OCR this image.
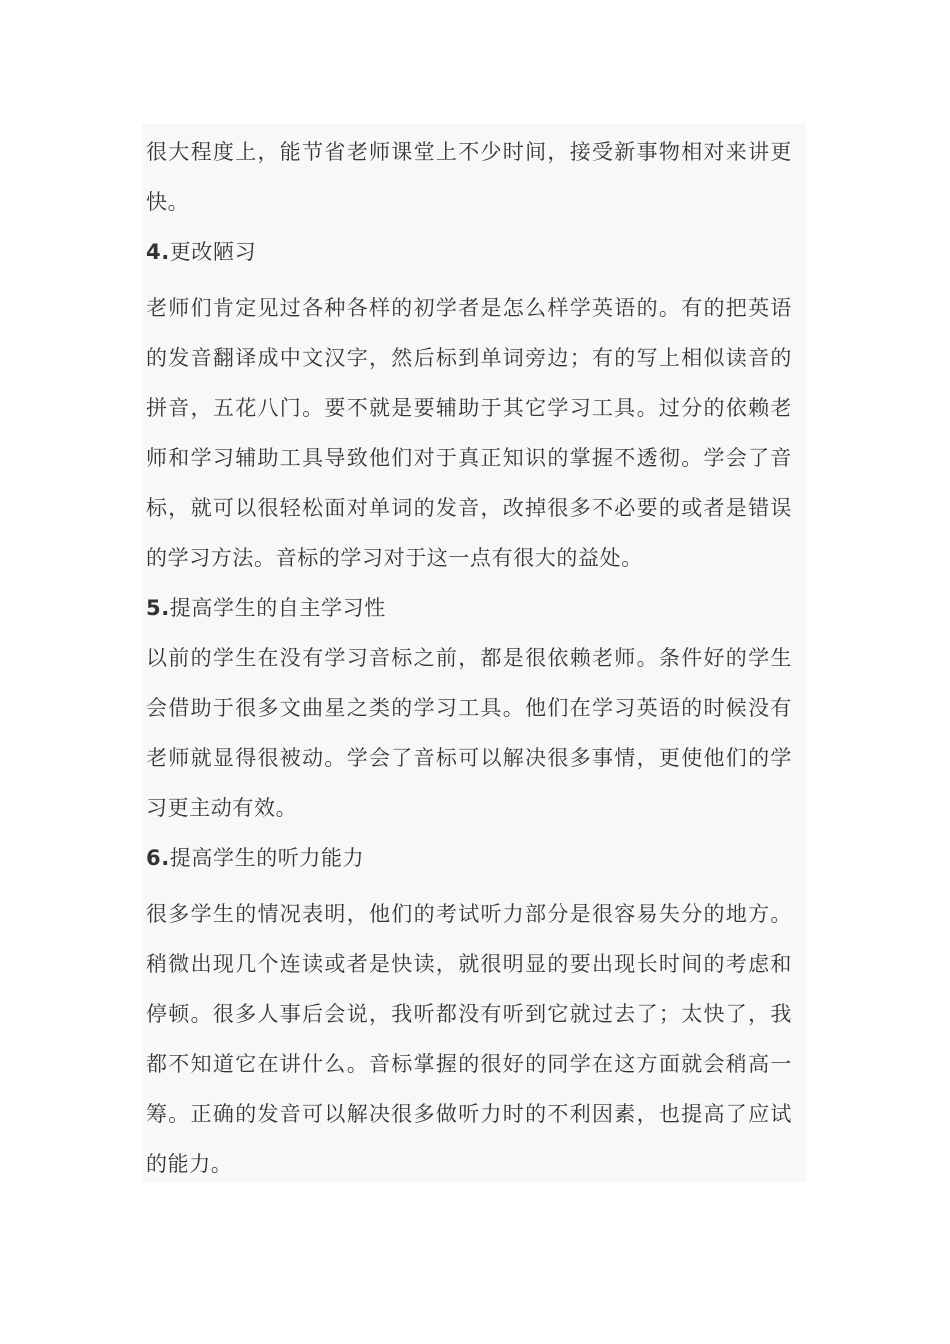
很大程度上，能节省老师课堂上不少时间，接受新事物相对来讲更快。

4.更改陋习

老师们肯定见过各种各样的初学者是怎么样学英语的。有的把英语的发音翻译成中文汉字，然后标到单词旁边；有的写上相似读音的拼音，五花八门。要不就是要辅助于其它学习工具。过分的依赖老师和学习辅助工具导致他们对于真正知识的掌握不透彻。学会了音标，就可以很轻松面对单词的发音，改掉很多不必要的或者是错误的学习方法。音标的学习对于这一点有很大的益处。

5.提高学生的自主学习性

以前的学生在没有学习音标之前，都是很依赖老师。条件好的学生会借助于很多文曲星之类的学习工具。他们在学习英语的时候没有老师就显得很被动。学会了音标可以解决很多事情，更使他们的学习更主动有效。

6.提高学生的听力能力

很多学生的情况表明，他们的考试听力部分是很容易失分的地方。稍微出现几个连读或者是快读，就很明显的要出现长时间的考虑和停顿。很多人事后会说，我听都没有听到它就过去了；太快了，我都不知道它在讲什么。音标掌握的很好的同学在这方面就会稍高一筹。正确的发音可以解决很多做听力时的不利因素，也提高了应试的能力。
